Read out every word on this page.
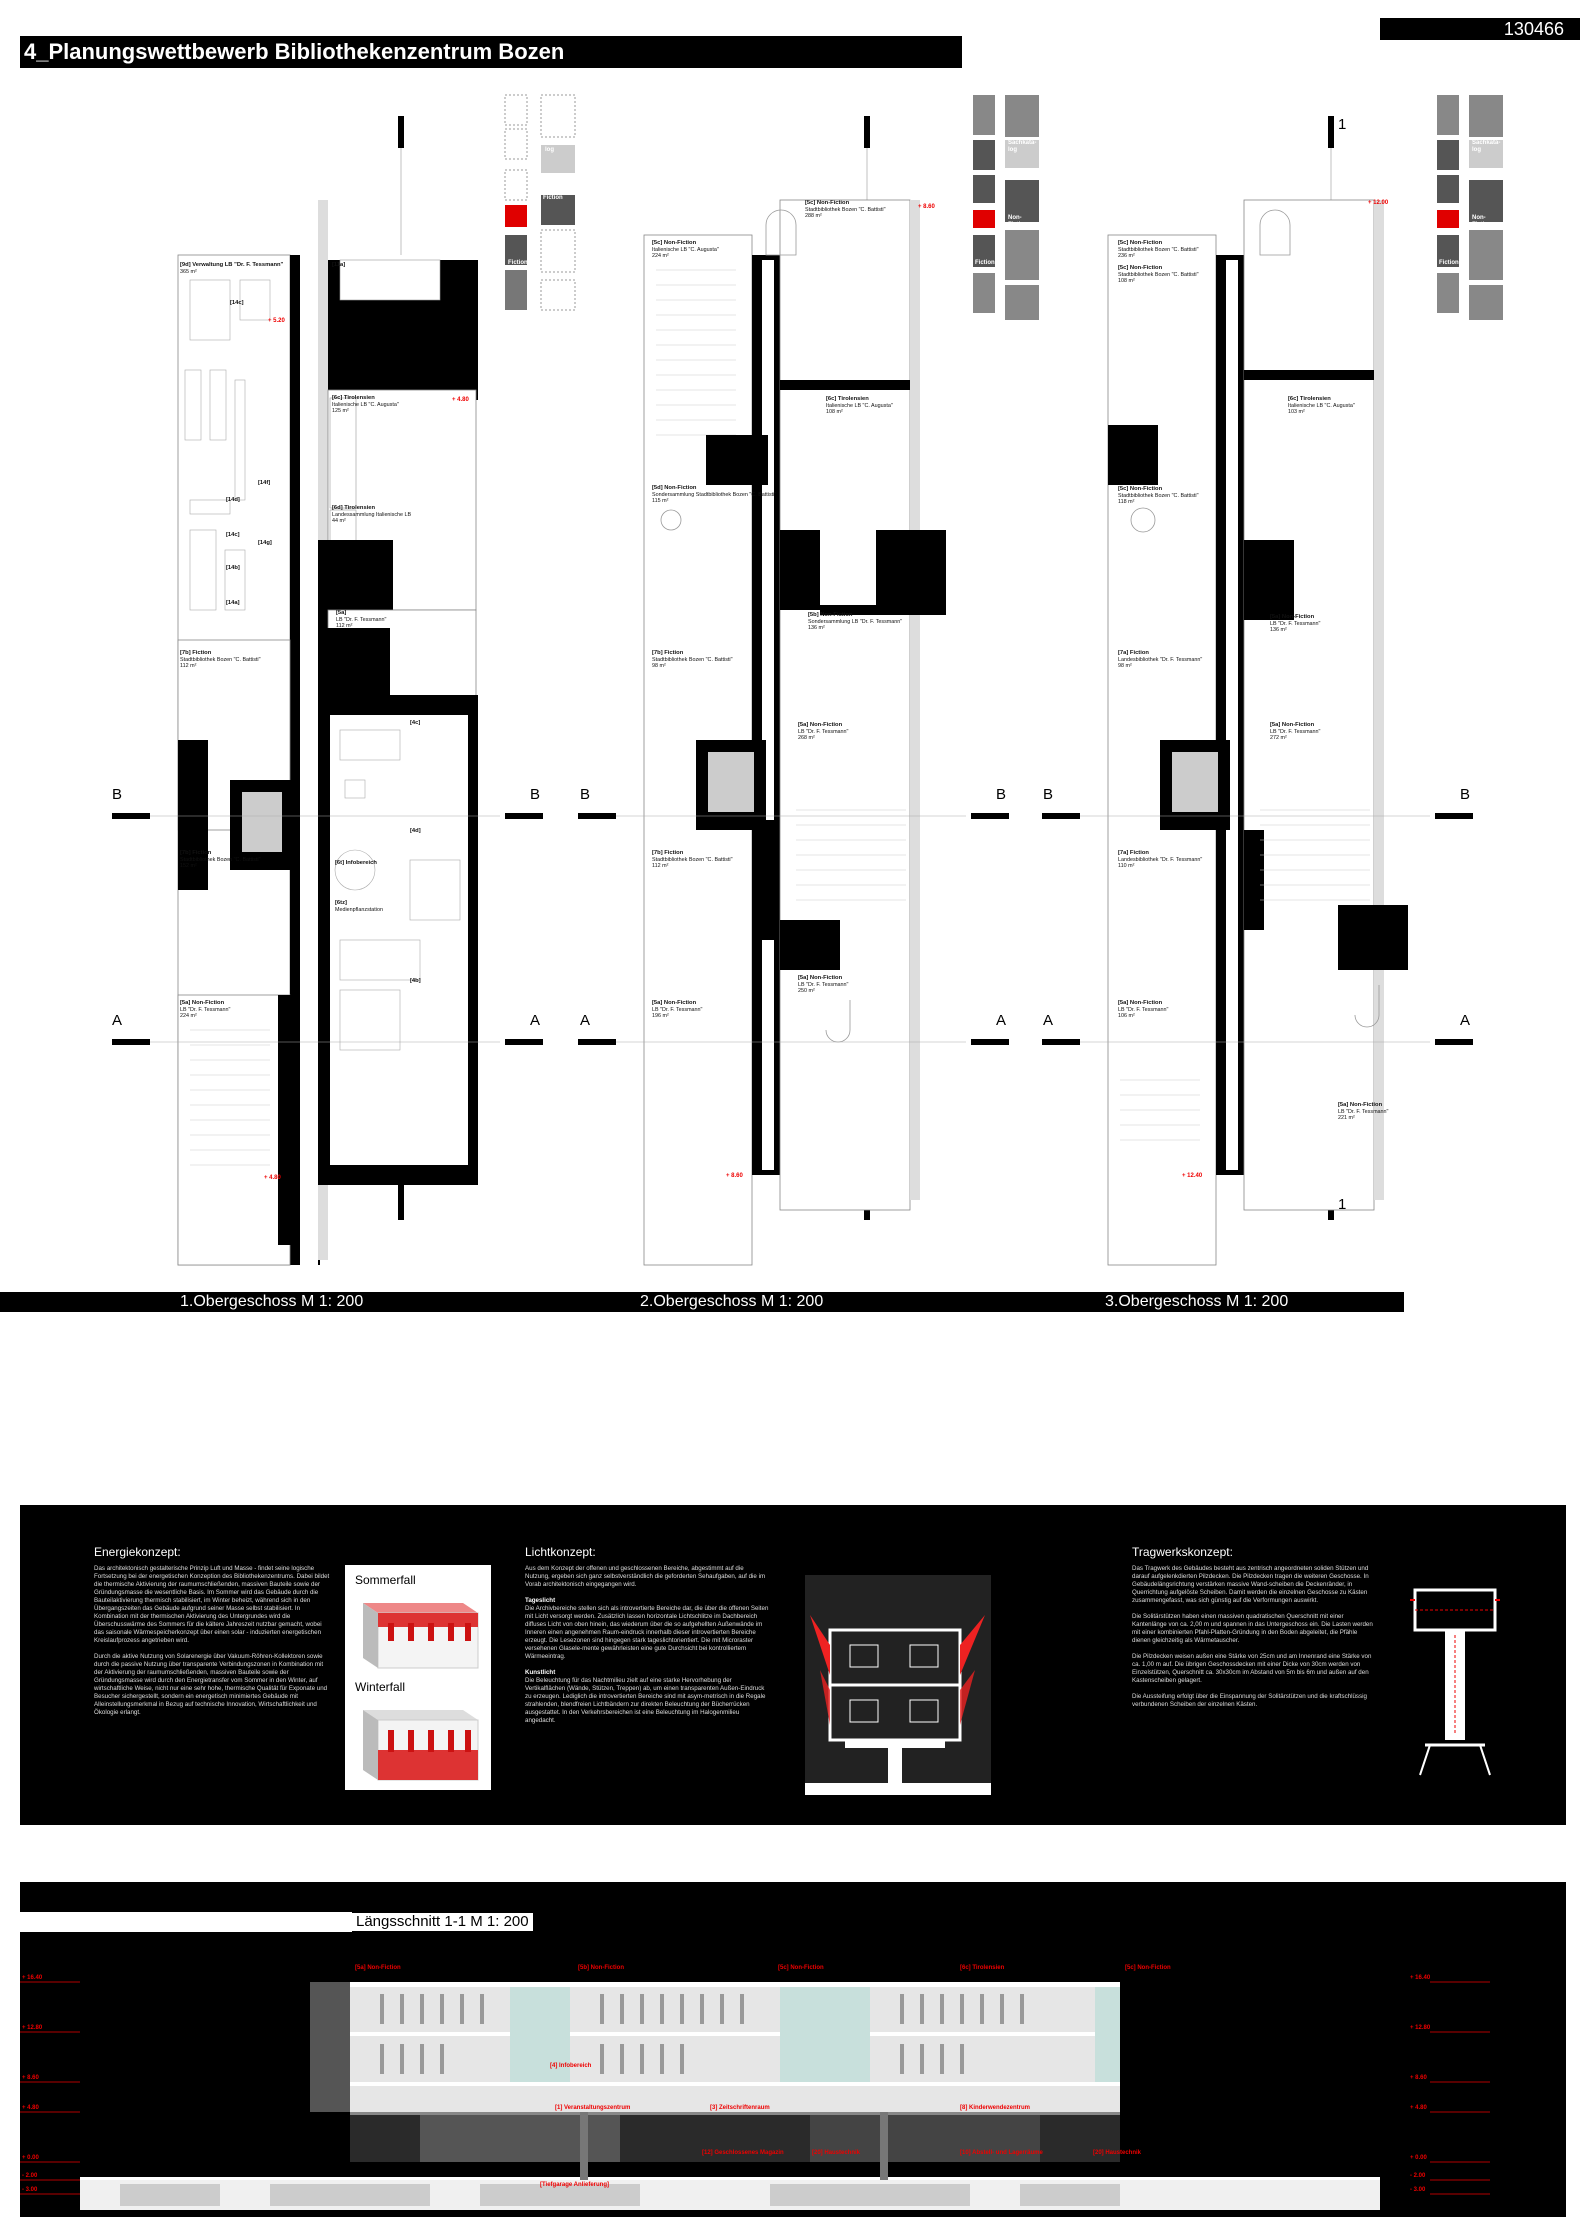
130466
4_Planungswettbewerb Bibliothekenzentrum Bozen
Sachkata-
log
Non-
Fiction
Fiction
Sachkata-
log
Non-
Fiction
Fiction
Sachkata-
log
Non-
Fiction
Fiction
B	B	B	B B	B
A	A	A	A A	A
1
1
+ 5.20
+ 4.80
+ 4.80
+ 8.60
+ 8.60
+ 12.00
+ 12.40
[9d] Verwaltung LB "Dr. F. Tessmann"
365 m²
[14c]
[11a]
[6c] Tirolensien
Italienische LB "C. Augusta"
125 m²
[6d] Tirolensien
Landessammlung Italienische LB
44 m²
[14f]
[14d]
[14c]
[14g]
[14b]
[14a]
[5a]
LB "Dr. F. Tessmann"
112 m²
[7b] Fiction
Stadtbibliothek Bozen "C. Battisti"
112 m²
[4c]
[4d]
[7b] Fiction
Stadtbibliothek Bozen "C. Battisti"
152 m²	[6t] Infobereich
[6tz]
Medienpflanzstation
[4b]
[5a] Non-Fiction
LB "Dr. F. Tessmann"
224 m²
[5c] Non-Fiction
Stadtbibliothek Bozen "C. Battisti"
288 m²
[5c] Non-Fiction
Italienische LB "C. Augusta"
224 m²
[6c] Tirolensien
Italienische LB "C. Augusta"
108 m²
[5d] Non-Fiction
Sondersammlung Stadtbibliothek Bozen "C. Battisti"
115 m²
[5b] Non-Fiction
Sondersammlung LB "Dr. F. Tessmann"
136 m²
[7b] Fiction
Stadtbibliothek Bozen "C. Battisti"
98 m²
[5a] Non-Fiction
LB "Dr. F. Tessmann"
268 m²
[7b] Fiction
Stadtbibliothek Bozen "C. Battisti"
112 m²
[5a] Non-Fiction
LB "Dr. F. Tessmann"
250 m²
[5a] Non-Fiction
LB "Dr. F. Tessmann"
196 m²
[5c] Non-Fiction
Stadtbibliothek Bozen "C. Battisti"
236 m²
[5c] Non-Fiction
Stadtbibliothek Bozen "C. Battisti"
108 m²
[6c] Tirolensien
Italienische LB "C. Augusta"
103 m²
[5c] Non-Fiction
Stadtbibliothek Bozen "C. Battisti"
118 m²
[5a] Non-Fiction
LB "Dr. F. Tessmann"
136 m²
[7a] Fiction
Landesbibliothek "Dr. F. Tessmann"
98 m²
[5a] Non-Fiction
LB "Dr. F. Tessmann"
272 m²
[7a] Fiction
Landesbibliothek "Dr. F. Tessmann"
110 m²
[5a] Non-Fiction
LB "Dr. F. Tessmann"
106 m²
[5a] Non-Fiction
LB "Dr. F. Tessmann"
221 m²
1.Obergeschoss M 1: 200	2.Obergeschoss M 1: 200	3.Obergeschoss M 1: 200
Energiekonzept:
Das architektonisch gestalterische Prinzip Luft und Masse - findet seine logische Fortsetzung bei der energetischen Konzeption des Bibliothekenzentrums. Dabei bildet die thermische Aktivierung der raumumschließenden, massiven Bauteile sowie der Gründungsmasse die wesentliche Basis. Im Sommer wird das Gebäude durch die Bauteilaktivierung thermisch stabilisiert, im Winter beheizt, während sich in den Übergangszeiten das Gebäude aufgrund seiner Masse selbst stabilisiert. In Kombination mit der thermischen Aktivierung des Untergrundes wird die Überschusswärme des Sommers für die kältere Jahreszeit nutzbar gemacht, wobei das saisonale Wärmespeicherkonzept über einen solar - induzierten energetischen Kreislaufprozess angetrieben wird.

Durch die aktive Nutzung von Solarenergie über Vakuum-Röhren-Kollektoren sowie durch die passive Nutzung über transparente Verbindungszonen in Kombination mit der Aktivierung der raumumschließenden, massiven Bauteile sowie der Gründungsmasse wird durch den Energietransfer vom Sommer in den Winter, auf wirtschaftliche Weise, nicht nur eine sehr hohe, thermische Qualität für Exponate und Besucher sichergestellt, sondern ein energetisch minimiertes Gebäude mit Alleinstellungsmerkmal in Bezug auf technische Innovation, Wirtschaftlichkeit und Ökologie erlangt.
Sommerfall
Winterfall
Lichtkonzept:
Aus dem Konzept der offenen und geschlossenen Bereiche, abgestimmt auf die Nutzung, ergeben sich ganz selbstverständlich die geforderten Sehaufgaben, auf die im Vorab architektonisch eingegangen wird.

Tageslicht
Die Archivbereiche stellen sich als introvertierte Bereiche dar, die über die offenen Seiten mit Licht versorgt werden. Zusätzlich lassen horizontale Lichtschlitze im Dachbereich diffuses Licht von oben hinein, das wiederum über die so aufgehellten Außenwände im Inneren einen angenehmen Raum-eindruck innerhalb dieser introvertierten Bereiche erzeugt. Die Lesezonen sind hingegen stark tageslichtorientiert. Die mit Microraster versehenen Glasele-mente gewährleisten eine gute Durchsicht bei kontrolliertem Wärmeeintrag.

Kunstlicht
Die Beleuchtung für das Nachtmilieu zielt auf eine starke Hervorhebung der Vertikalflächen (Wände, Stützen, Treppen) ab, um einen transparenten Außen-Eindruck zu erzeugen. Lediglich die introvertierten Bereiche sind mit asym-metrisch in die Regale strahlenden, blendfreien Lichtbändern zur direkten Beleuchtung der Bücherrücken ausgestattet. In den Verkehrsbereichen ist eine Beleuchtung im Halogenmilieu angedacht.
Tragwerkskonzept:
Das Tragwerk des Gebäudes besteht aus zentrisch angeordneten soliden Stützen und darauf aufgelenkdierten Pilzdecken. Die Pilzdecken tragen die weiteren Geschosse. In Gebäudelängsrichtung verstärken massive Wand-scheiben die Deckenränder, in Querrichtung aufgelöste Scheiben. Damit werden die einzelnen Geschosse zu Kästen zusammengefasst, was sich günstig auf die Verformungen auswirkt.

Die Solitärstützen haben einen massiven quadratischen Querschnitt mit einer Kantenlänge von ca. 2,00 m und spannen in das Untergeschoss ein. Die Lasten werden mit einer kombinierten Pfahl-Platten-Gründung in den Boden abgeleitet, die Pfähle dienen gleichzeitig als Wärmetauscher.

Die Pilzdecken weisen außen eine Stärke von 25cm und am Innenrand eine Stärke von ca. 1,00 m auf. Die übrigen Geschossdecken mit einer Dicke von 30cm werden von Einzelstützen, Querschnitt ca. 30x30cm im Abstand von 5m bis 6m und außen auf den Kastenscheiben gelagert.

Die Aussteifung erfolgt über die Einspannung der Solitärstützen und die kraftschlüssig verbundenen Scheiben der einzelnen Kästen.
Längsschnitt 1-1 M 1: 200
[5a] Non-Fiction	[5b] Non-Fiction	[5c] Non-Fiction	[6c] Tirolensien	[5c] Non-Fiction
[4] Infobereich
[1] Veranstaltungszentrum	[3] Zeitschriftenraum	[8] Kinderwendezentrum
[12] Geschlossenes Magazin	[20] Haustechnik	[10] Abstell- und Lagerräume	[20] Haustechnik
[Tiefgarage Anlieferung]
+ 16.40
+ 12.80
+ 8.60
+ 4.80
+ 0.00
- 2.00
- 3.00
+ 16.40
+ 12.80
+ 8.60
+ 4.80
+ 0.00
- 2.00
- 3.00
